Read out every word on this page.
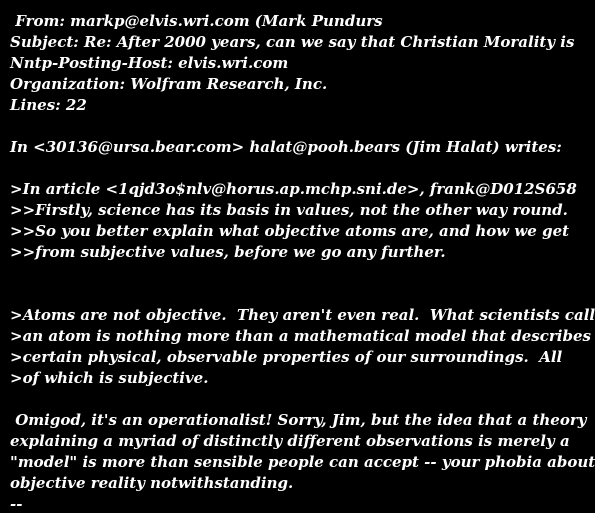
From: markp@elvis.wri.com (Mark Pundurs
Subject: Re: After 2000 years, can we say that Christian Morality is
Nntp-Posting-Host: elvis.wri.com
Organization: Wolfram Research, Inc.
Lines: 22
In <30136@ursa.bear.com> halat@pooh.bears (Jim Halat) writes:
>In article <1qjd3o$nlv@horus.ap.mchp.sni.de>, frank@D012S658
>>Firstly, science has its basis in values, not the other way round.
>>So you better explain what objective atoms are, and how we get
>>from subjective values, before we go any further.
>Atoms are not objective.  They aren't even real.  What scientists call
>an atom is nothing more than a mathematical model that describes
>certain physical, observable properties of our surroundings.  All
>of which is subjective.
Omigod, it's an operationalist! Sorry, Jim, but the idea that a theory
explaining a myriad of distinctly different observations is merely a
"model" is more than sensible people can accept -- your phobia about
objective reality notwithstanding.
--
